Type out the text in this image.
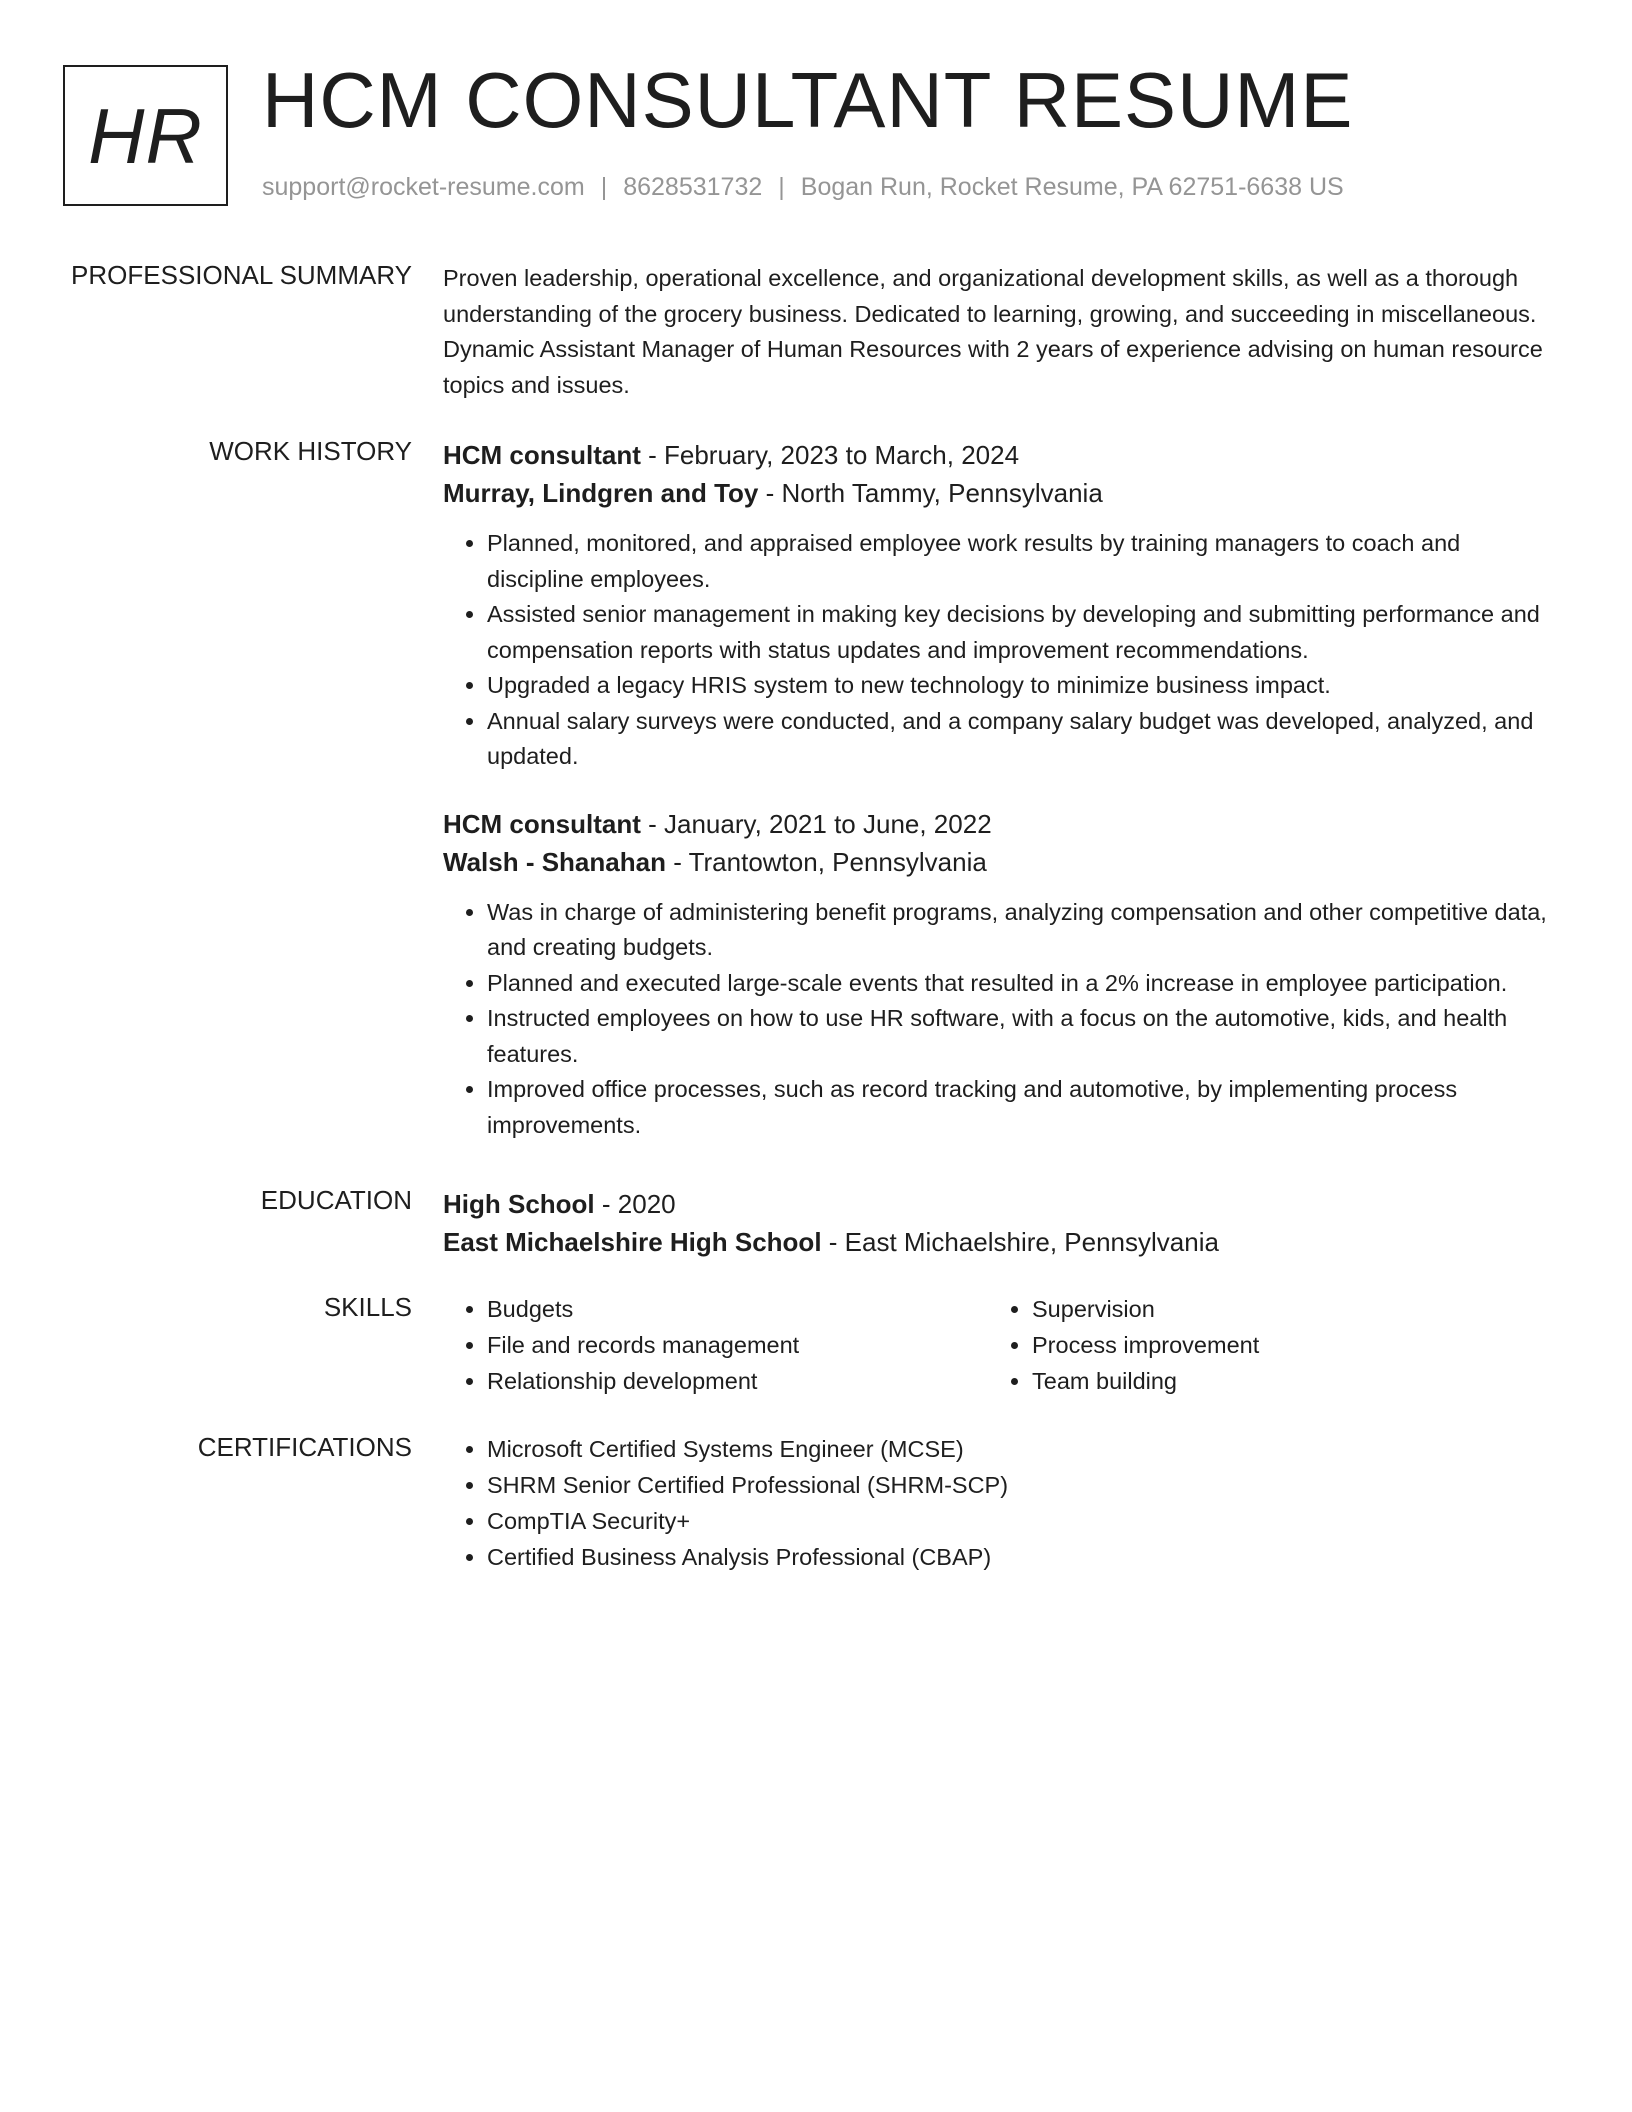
HR HCM CONSULTANT RESUME
support@rocket-resume.com | 8628531732 | Bogan Run, Rocket Resume, PA 62751-6638 US
PROFESSIONAL SUMMARY Proven leadership, operational excellence, and organizational development skills, as well as a thorough understanding of the grocery business. Dedicated to learning, growing, and succeeding in miscellaneous. Dynamic Assistant Manager of Human Resources with 2 years of experience advising on human resource topics and issues.
WORK HISTORY HCM consultant - February, 2023 to March, 2024
Murray, Lindgren and Toy - North Tammy, Pennsylvania
• Planned, monitored, and appraised employee work results by training managers to coach and discipline employees.
• Assisted senior management in making key decisions by developing and submitting performance and compensation reports with status updates and improvement recommendations.
• Upgraded a legacy HRIS system to new technology to minimize business impact.
• Annual salary surveys were conducted, and a company salary budget was developed, analyzed, and updated.
HCM consultant - January, 2021 to June, 2022
Walsh - Shanahan - Trantowton, Pennsylvania
• Was in charge of administering benefit programs, analyzing compensation and other competitive data, and creating budgets.
• Planned and executed large-scale events that resulted in a 2% increase in employee participation.
• Instructed employees on how to use HR software, with a focus on the automotive, kids, and health features.
• Improved office processes, such as record tracking and automotive, by implementing process improvements.
EDUCATION High School - 2020
East Michaelshire High School - East Michaelshire, Pennsylvania
SKILLS	• Budgets
• File and records management
• Relationship development
• Supervision
• Process improvement
• Team building
CERTIFICATIONS	• Microsoft Certified Systems Engineer (MCSE)
• SHRM Senior Certified Professional (SHRM-SCP)
• CompTIA Security+
• Certified Business Analysis Professional (CBAP)
